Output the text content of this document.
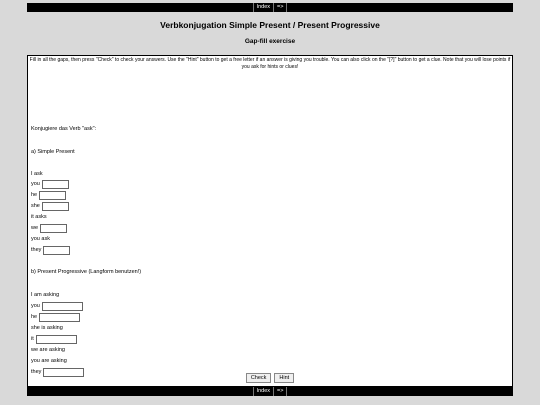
Index	=>
Verbkonjugation Simple Present / Present Progressive
Gap-fill exercise
Fill in all the gaps, then press "Check" to check your answers. Use the "Hint" button to get a free letter if an answer is giving you trouble. You can also click on the "[?]" button to get a clue. Note that you will lose points if you ask for hints or clues!
Konjugiere das Verb "ask":
a) Simple Present
I ask
you
he
she
it asks
we
you ask
they
b) Present Progressive (Langform benutzen!)
I am asking
you
he
she is asking
it
we are asking
you are asking
they
Check	Hint
Index	=>
